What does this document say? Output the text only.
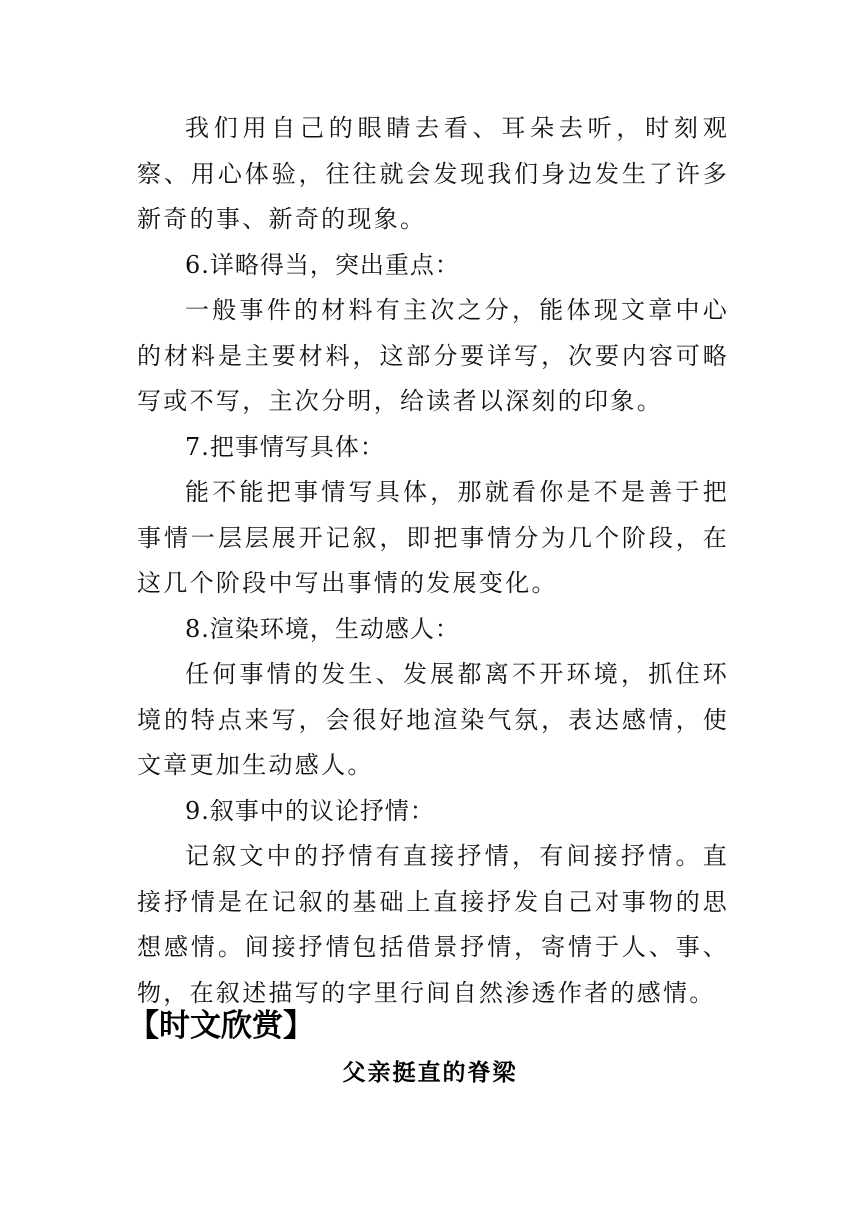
我们用自己的眼睛去看、耳朵去听，时刻观察、用心体验，往往就会发现我们身边发生了许多新奇的事、新奇的现象。

6.详略得当，突出重点：

一般事件的材料有主次之分，能体现文章中心的材料是主要材料，这部分要详写，次要内容可略写或不写，主次分明，给读者以深刻的印象。

7.把事情写具体：

能不能把事情写具体，那就看你是不是善于把事情一层层展开记叙，即把事情分为几个阶段，在这几个阶段中写出事情的发展变化。

8.渲染环境，生动感人：

任何事情的发生、发展都离不开环境，抓住环境的特点来写，会很好地渲染气氛，表达感情，使文章更加生动感人。

9.叙事中的议论抒情：

记叙文中的抒情有直接抒情，有间接抒情。直接抒情是在记叙的基础上直接抒发自己对事物的思想感情。间接抒情包括借景抒情，寄情于人、事、物，在叙述描写的字里行间自然渗透作者的感情。

【时文欣赏】
父亲挺直的脊梁
